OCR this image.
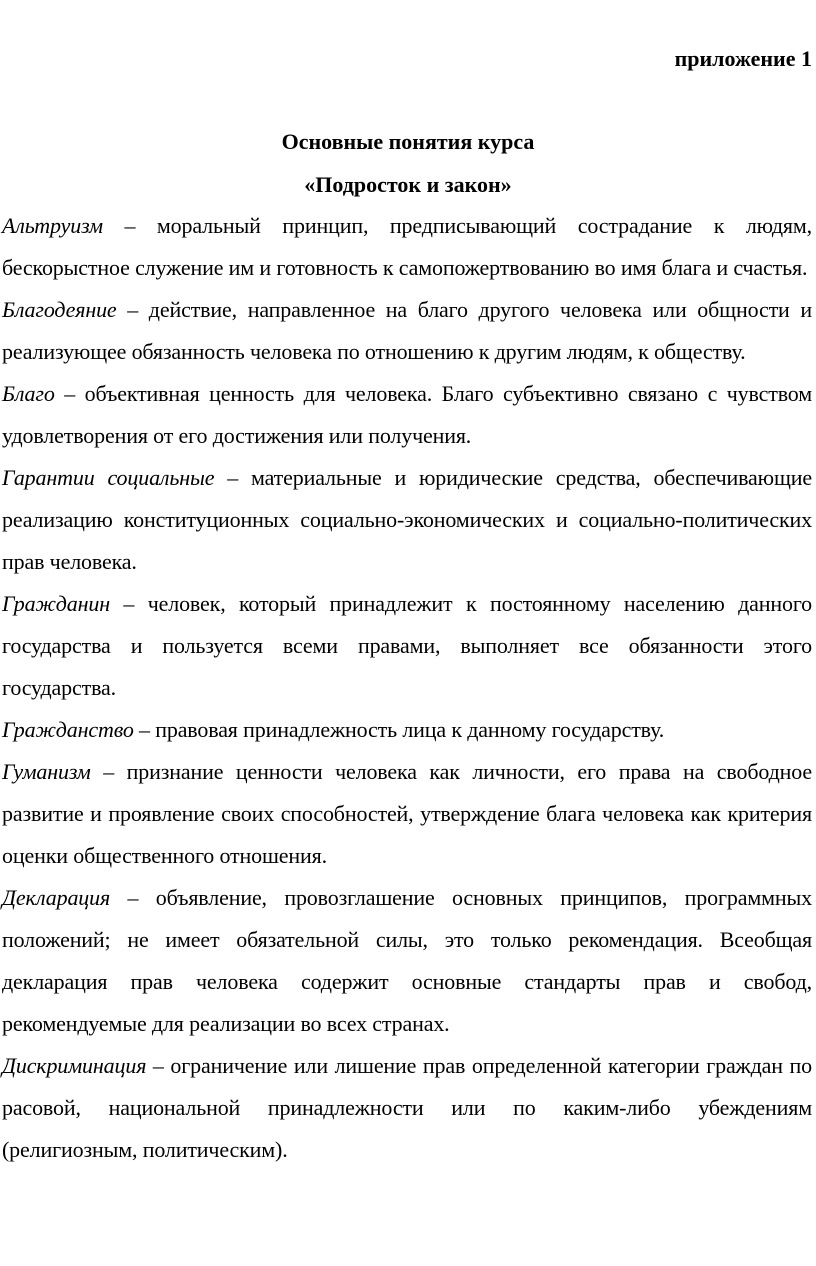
приложение 1

Основные понятия курса

«Подросток и закон»

Альтруизм – моральный принцип, предписывающий сострадание к людям, бескорыстное служение им и готовность к самопожертвованию во имя блага и счастья.

Благодеяние – действие, направленное на благо другого человека или общности и реализующее обязанность человека по отношению к другим людям, к обществу.

Благо – объективная ценность для человека. Благо субъективно связано с чувством удовлетворения от его достижения или получения.

Гарантии социальные – материальные и юридические средства, обеспечивающие реализацию конституционных социально-экономических и социально-политических прав человека.

Гражданин – человек, который принадлежит к постоянному населению данного государства и пользуется всеми правами, выполняет все обязанности этого государства.

Гражданство – правовая принадлежность лица к данному государству.

Гуманизм – признание ценности человека как личности, его права на свободное развитие и проявление своих способностей, утверждение блага человека как критерия оценки общественного отношения.

Декларация – объявление, провозглашение основных принципов, программных положений; не имеет обязательной силы, это только рекомендация. Всеобщая декларация прав человека содержит основные стандарты прав и свобод, рекомендуемые для реализации во всех странах.

Дискриминация – ограничение или лишение прав определенной категории граждан по расовой, национальной принадлежности или по каким-либо убеждениям (религиозным, политическим).
